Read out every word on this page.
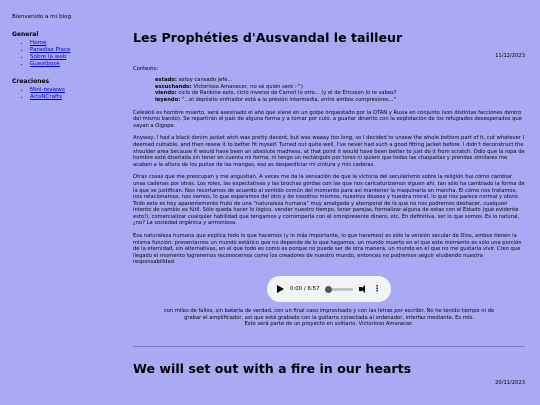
Bienvenido a mi blog
General
• Home
• Paradise Place
• Sobre la web
• Guestbook
Creaciones
• Mini-reviews
• ArtsNCrafts
Les Prophéties d'Ausvandal le tailleur
11/12/2023
Contexto:
estado: estoy cansado jefe...
escuchando: Victorioso Amanecer, no sé quién seré :^)
viendo: ciclo de Rankine esto, ciclo inverso de Carnot lo otro... (y el de Ericsson lo te sabes?
leyendo: "...el depósito enfriador está a la presión intermedia, entre ambos compresores..."

Celeskiii es hombre muerto, será asesinado el año que viene en un golpe orquestado por la OTAN y Rusia en conjunto (son distintas facciones dentro del mismo bando). Se repartirán el país de alguna forma y a tomar por culo, a guañar dinerito con la explotación de los refugiados desesperados que vayan a Oigope.

Anyway, I had a black denim jacket wich was pretty decent, but was waaay too long, so I decided to unsew the whole bottom part of it, cut whatever I deemed cuttable, and then resew it to better fit myself. Turned out quite well, I've never had such a good fitting jacket before. I didn't deconstruct the shoulder area because it would have been an absolute madness, at that point it would have been better to just do it from scratch. Odio que la ropa de hombre esté diseñada sin tener en cuenta mi forma, ni tengo un rectángulo por torso ni quiero que todas las chaquetas y prendas similares me acaben a la altura de los puños de las mangas, eso es desperdiciar mi cintura y mis caderas.

Otras cosas que me preocupan y me angustian. A veces me da la sensación de que la victoria del secularismo sobre la religión fue como cambiar unas cadenas por otras. Los roles, las expectativas y las brochas gordas con las que nos caricaturizamos siguen ahí, tan sólo ha cambiado la forma de la que se justifican. Nos recortamos de acuerdo al sentido común del momento para así mantener la maquinaria en marcha. El cómo nos tratamos, nos relacionamos, nos vemos, lo que esperamos del otro y de nosotros mismos, nuestros deseos y nuestra moral, lo que nos parece normal y obvio. Todo esto es hoy aparentemente fruto de una "naturaleza humana" muy amalgada y atemporal de la que no nos podremos deshacer, cualquier intento de cambio es fútil. Sólo queda hacer lo lógico, vender nuestro tiempo, tener parejas, formalizar alguna de estas con el Estado (qué evidente esto!), comercializar cualquier habilidad que tengamos y corromperla con el omnipresente dinero, etc. En definitiva, ser lo que somos. Es lo natural, ¿no? La sociedad orgánica y armoniosa.

Esa naturaleza humana que explica todo lo que hacemos (y lo más importante, lo que haremos) es sólo la versión secular de Dios, ambos tienen la misma función: presentarnos un mundo estático que no depende de lo que hagamos, un mundo muerto en el que este momento es sólo una porción de la eternidad, sin alternativas, en el que todo es como es porque no puede ser de otra manera, un mundo en el que no me gustaría vivir. Creo que llegado el momento lograremos reconocernos como los creadores de nuestro mundo, entonces no podremos seguir eludiendo nuestra responsabilidad.

0:00 / 6:57	⋮
con miles de fallos, sin batería de verdad, con un final caso improvisado y con las letras por escribir. No he tenido tiempo ni de
grabar el amplificador, así que está grabado con la guitarra conectada al ordenador, interfaz mediante. Es mío.
Esto será parte de un proyecto en solitario, Victorioso Amanecer.
We will set out with a fire in our hearts
20/11/2023
